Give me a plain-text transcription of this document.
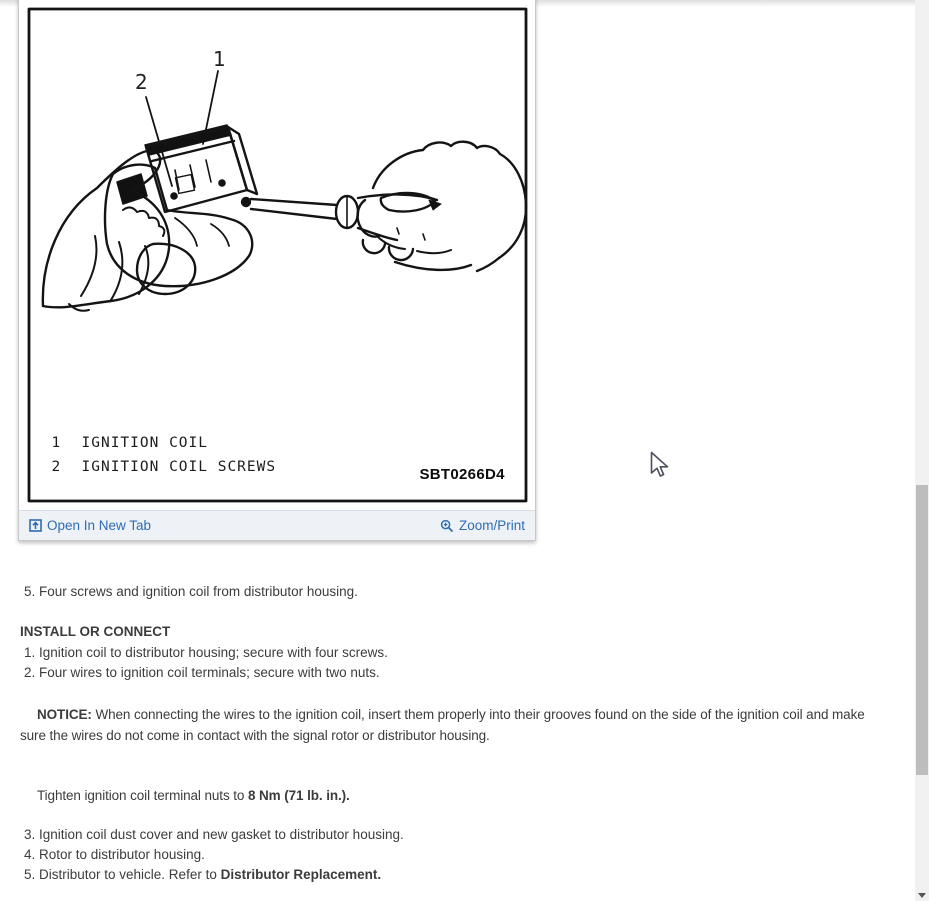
1
2
1	IGNITION COIL
2	IGNITION COIL SCREWS	SBT0266D4
Open In New Tab	Zoom/Print
5. Four screws and ignition coil from distributor housing.
INSTALL OR CONNECT
1. Ignition coil to distributor housing; secure with four screws.
2. Four wires to ignition coil terminals; secure with two nuts.
NOTICE: When connecting the wires to the ignition coil, insert them properly into their grooves found on the side of the ignition coil and make sure the wires do not come in contact with the signal rotor or distributor housing.
Tighten ignition coil terminal nuts to 8 Nm (71 lb. in.).
3. Ignition coil dust cover and new gasket to distributor housing.
4. Rotor to distributor housing.
5. Distributor to vehicle. Refer to Distributor Replacement.
